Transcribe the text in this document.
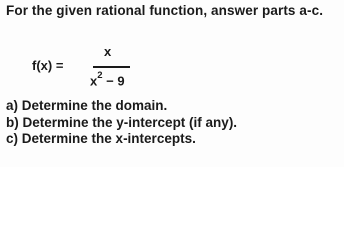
For the given rational function, answer parts a-c.
f(x) =
x
$x^2 - 9$
a) Determine the domain.
b) Determine the y-intercept (if any).
c) Determine the x-intercepts.
